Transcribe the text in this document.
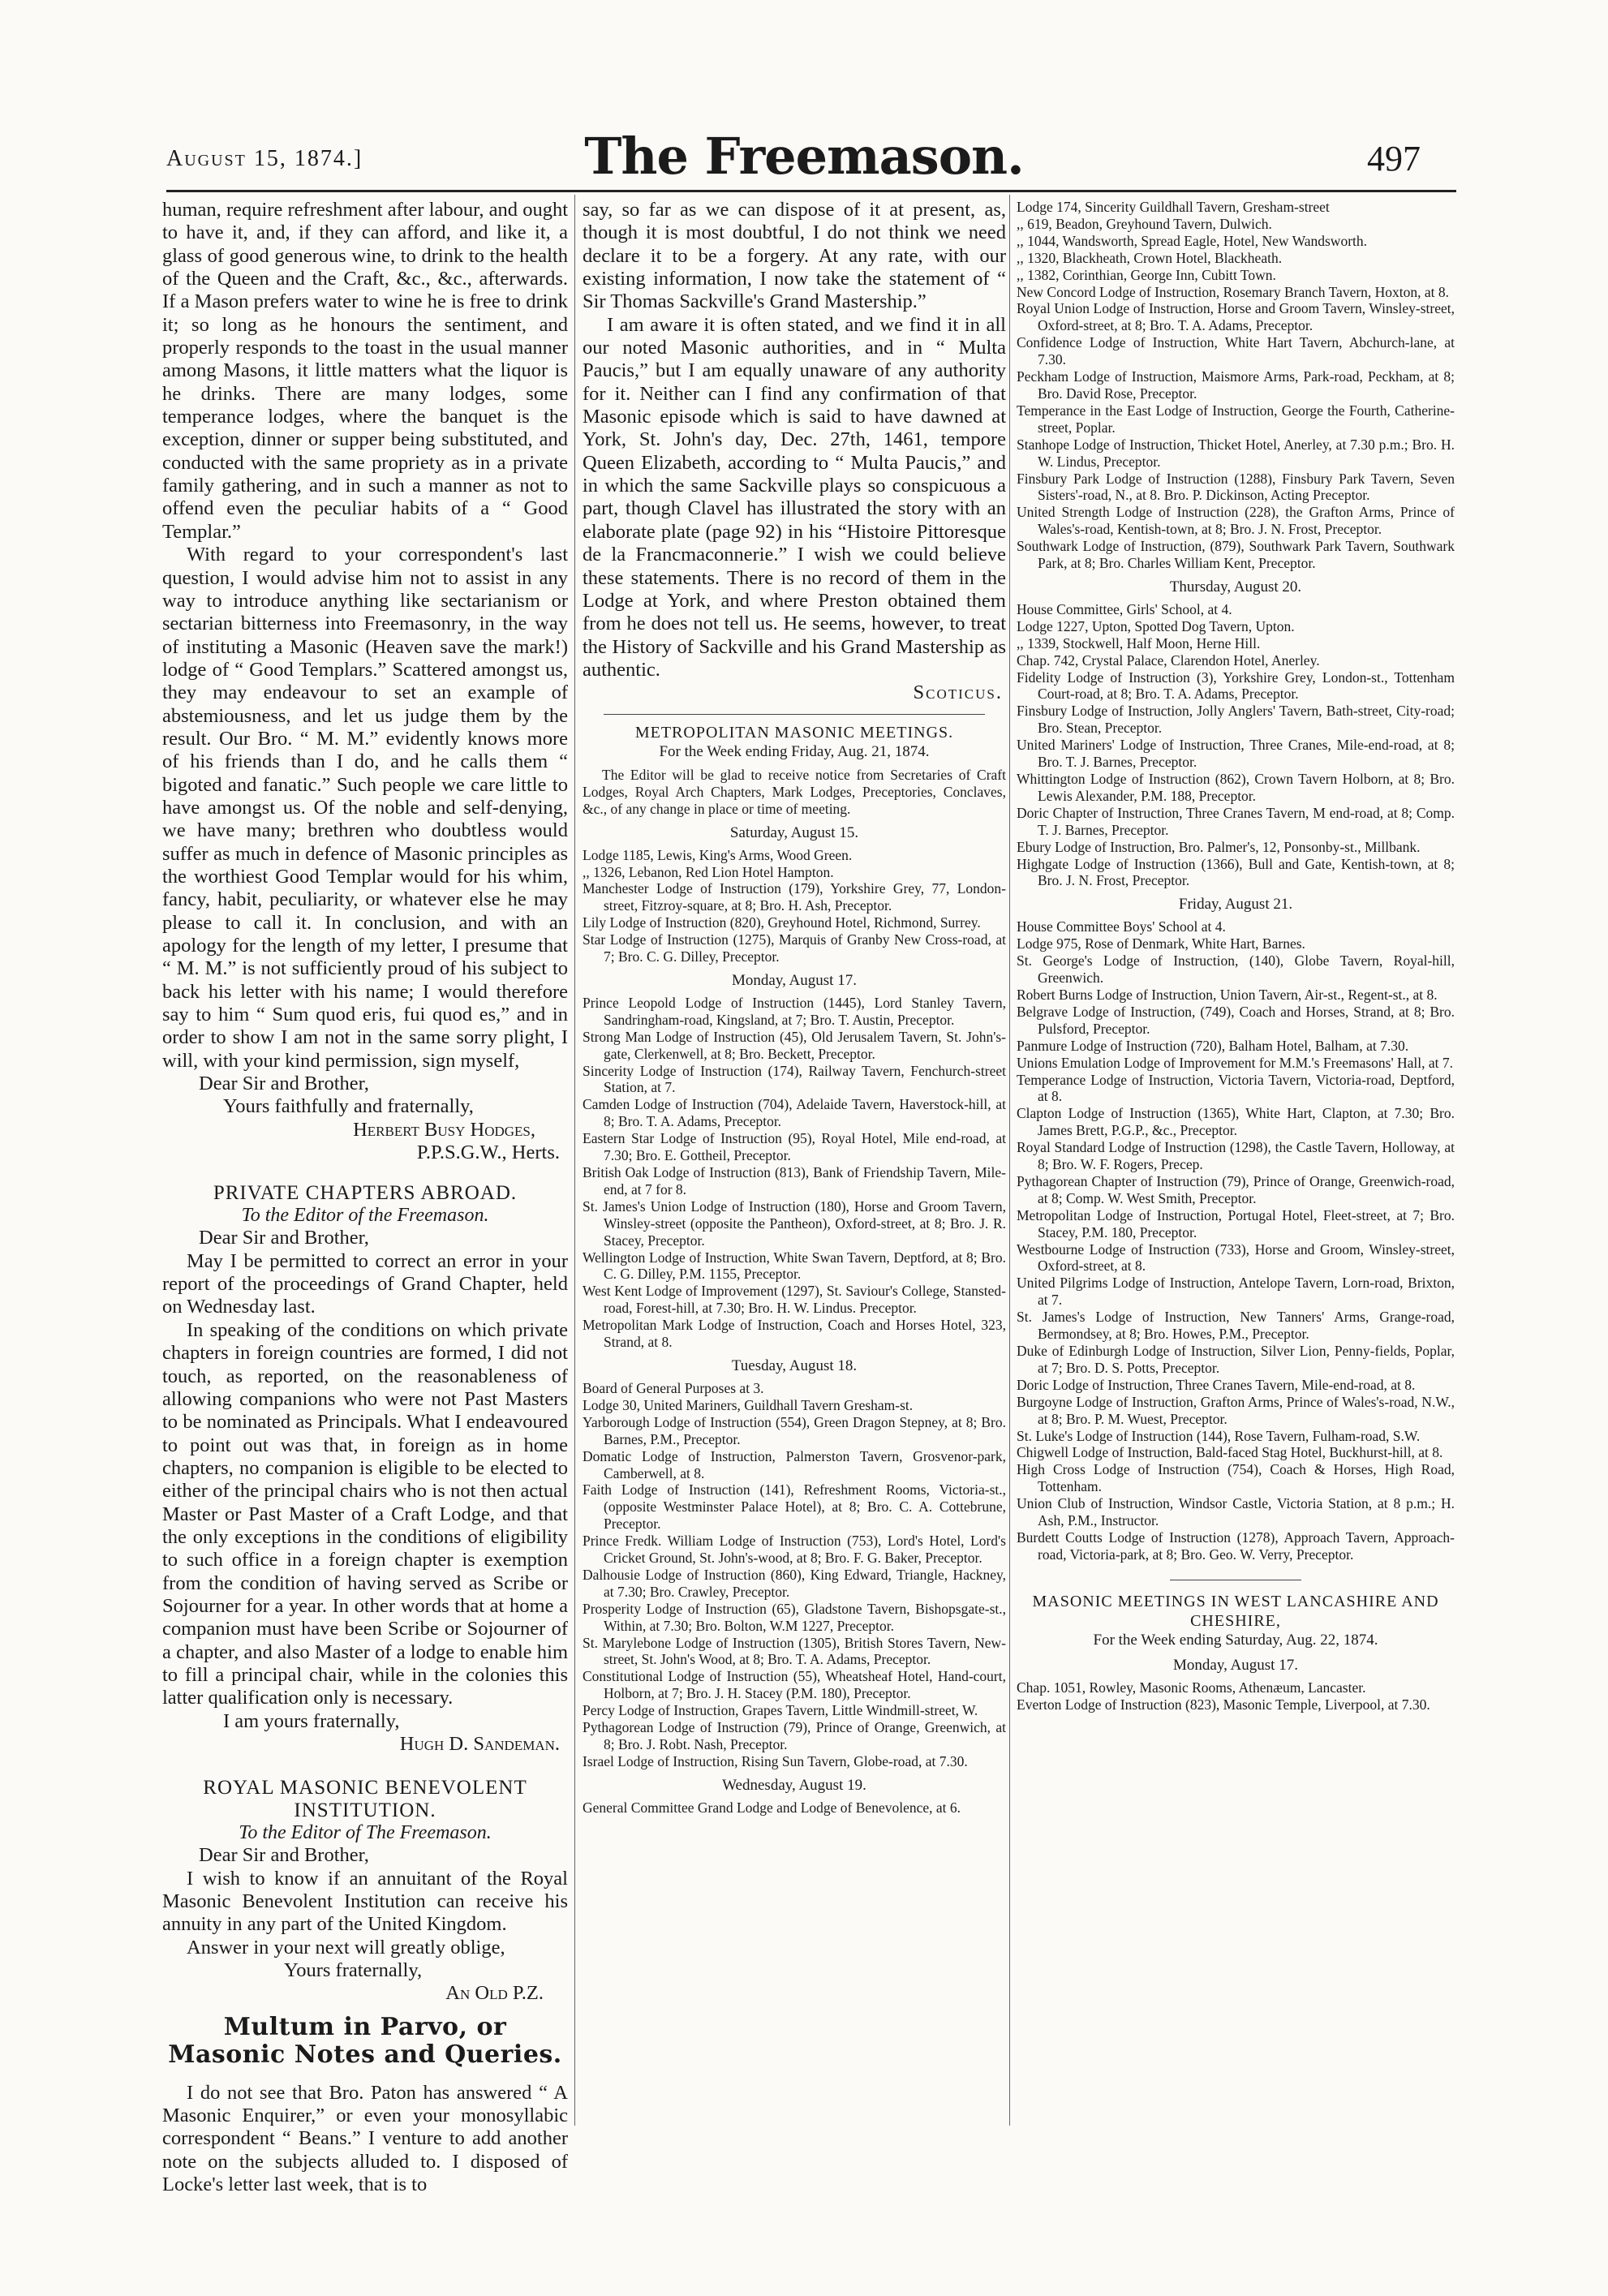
August 15, 1874.]	The Freemason.	497

human, require refreshment after labour, and ought to have it, and, if they can afford, and like it, a glass of good generous wine, to drink to the health of the Queen and the Craft, &c., &c., afterwards. If a Mason prefers water to wine he is free to drink it; so long as he honours the sentiment, and properly responds to the toast in the usual manner among Masons, it little matters what the liquor is he drinks. There are many lodges, some temperance lodges, where the banquet is the exception, dinner or supper being substituted, and conducted with the same propriety as in a private family gathering, and in such a manner as not to offend even the peculiar habits of a “ Good Templar.”

With regard to your correspondent's last question, I would advise him not to assist in any way to introduce anything like sectarianism or sectarian bitterness into Freemasonry, in the way of instituting a Masonic (Heaven save the mark!) lodge of “ Good Templars.” Scattered amongst us, they may endeavour to set an example of abstemiousness, and let us judge them by the result. Our Bro. “ M. M.” evidently knows more of his friends than I do, and he calls them “ bigoted and fanatic.” Such people we care little to have amongst us. Of the noble and self-denying, we have many; brethren who doubtless would suffer as much in defence of Masonic principles as the worthiest Good Templar would for his whim, fancy, habit, peculiarity, or whatever else he may please to call it. In conclusion, and with an apology for the length of my letter, I presume that “ M. M.” is not sufficiently proud of his subject to back his letter with his name; I would therefore say to him “ Sum quod eris, fui quod es,” and in order to show I am not in the same sorry plight, I will, with your kind permission, sign myself,

Dear Sir and Brother,
Yours faithfully and fraternally,
Herbert Busy Hodges,
P.P.S.G.W., Herts.
PRIVATE CHAPTERS ABROAD.
To the Editor of the Freemason.
Dear Sir and Brother,

May I be permitted to correct an error in your report of the proceedings of Grand Chapter, held on Wednesday last.

In speaking of the conditions on which private chapters in foreign countries are formed, I did not touch, as reported, on the reasonableness of allowing companions who were not Past Masters to be nominated as Principals. What I endeavoured to point out was that, in foreign as in home chapters, no companion is eligible to be elected to either of the principal chairs who is not then actual Master or Past Master of a Craft Lodge, and that the only exceptions in the conditions of eligibility to such office in a foreign chapter is exemption from the condition of having served as Scribe or Sojourner for a year. In other words that at home a companion must have been Scribe or Sojourner of a chapter, and also Master of a lodge to enable him to fill a principal chair, while in the colonies this latter qualification only is necessary.

I am yours fraternally,
Hugh D. Sandeman.
ROYAL MASONIC BENEVOLENT INSTITUTION.
To the Editor of The Freemason.
Dear Sir and Brother,

I wish to know if an annuitant of the Royal Masonic Benevolent Institution can receive his annuity in any part of the United Kingdom.

Answer in your next will greatly oblige,

Yours fraternally,
An Old P.Z.
Multum in Parvo, or Masonic Notes and Queries.

I do not see that Bro. Paton has answered “ A Masonic Enquirer,” or even your monosyllabic correspondent “ Beans.” I venture to add another note on the subjects alluded to. I disposed of Locke's letter last week, that is to

say, so far as we can dispose of it at present, as, though it is most doubtful, I do not think we need declare it to be a forgery. At any rate, with our existing information, I now take the statement of “ Sir Thomas Sackville's Grand Mastership.”

I am aware it is often stated, and we find it in all our noted Masonic authorities, and in “ Multa Paucis,” but I am equally unaware of any authority for it. Neither can I find any confirmation of that Masonic episode which is said to have dawned at York, St. John's day, Dec. 27th, 1461, tempore Queen Elizabeth, according to “ Multa Paucis,” and in which the same Sackville plays so conspicuous a part, though Clavel has illustrated the story with an elaborate plate (page 92) in his “Histoire Pittoresque de la Francmaconnerie.” I wish we could believe these statements. There is no record of them in the Lodge at York, and where Preston obtained them from he does not tell us. He seems, however, to treat the History of Sackville and his Grand Mastership as authentic.

Scoticus.
METROPOLITAN MASONIC MEETINGS.
For the Week ending Friday, Aug. 21, 1874.
The Editor will be glad to receive notice from Secretaries of Craft Lodges, Royal Arch Chapters, Mark Lodges, Preceptories, Conclaves, &c., of any change in place or time of meeting.
Saturday, August 15.
Lodge 1185, Lewis, King's Arms, Wood Green.
,, 1326, Lebanon, Red Lion Hotel Hampton.
Manchester Lodge of Instruction (179), Yorkshire Grey, 77, London-street, Fitzroy-square, at 8; Bro. H. Ash, Preceptor.
Lily Lodge of Instruction (820), Greyhound Hotel, Richmond, Surrey.
Star Lodge of Instruction (1275), Marquis of Granby New Cross-road, at 7; Bro. C. G. Dilley, Preceptor.
Monday, August 17.
Prince Leopold Lodge of Instruction (1445), Lord Stanley Tavern, Sandringham-road, Kingsland, at 7; Bro. T. Austin, Preceptor.
Strong Man Lodge of Instruction (45), Old Jerusalem Tavern, St. John's-gate, Clerkenwell, at 8; Bro. Beckett, Preceptor.
Sincerity Lodge of Instruction (174), Railway Tavern, Fenchurch-street Station, at 7.
Camden Lodge of Instruction (704), Adelaide Tavern, Haverstock-hill, at 8; Bro. T. A. Adams, Preceptor.
Eastern Star Lodge of Instruction (95), Royal Hotel, Mile end-road, at 7.30; Bro. E. Gottheil, Preceptor.
British Oak Lodge of Instruction (813), Bank of Friendship Tavern, Mile-end, at 7 for 8.
St. James's Union Lodge of Instruction (180), Horse and Groom Tavern, Winsley-street (opposite the Pantheon), Oxford-street, at 8; Bro. J. R. Stacey, Preceptor.
Wellington Lodge of Instruction, White Swan Tavern, Deptford, at 8; Bro. C. G. Dilley, P.M. 1155, Preceptor.
West Kent Lodge of Improvement (1297), St. Saviour's College, Stansted-road, Forest-hill, at 7.30; Bro. H. W. Lindus. Preceptor.
Metropolitan Mark Lodge of Instruction, Coach and Horses Hotel, 323, Strand, at 8.
Tuesday, August 18.
Board of General Purposes at 3.
Lodge 30, United Mariners, Guildhall Tavern Gresham-st.
Yarborough Lodge of Instruction (554), Green Dragon Stepney, at 8; Bro. Barnes, P.M., Preceptor.
Domatic Lodge of Instruction, Palmerston Tavern, Grosvenor-park, Camberwell, at 8.
Faith Lodge of Instruction (141), Refreshment Rooms, Victoria-st., (opposite Westminster Palace Hotel), at 8; Bro. C. A. Cottebrune, Preceptor.
Prince Fredk. William Lodge of Instruction (753), Lord's Hotel, Lord's Cricket Ground, St. John's-wood, at 8; Bro. F. G. Baker, Preceptor.
Dalhousie Lodge of Instruction (860), King Edward, Triangle, Hackney, at 7.30; Bro. Crawley, Preceptor.
Prosperity Lodge of Instruction (65), Gladstone Tavern, Bishopsgate-st., Within, at 7.30; Bro. Bolton, W.M 1227, Preceptor.
St. Marylebone Lodge of Instruction (1305), British Stores Tavern, New-street, St. John's Wood, at 8; Bro. T. A. Adams, Preceptor.
Constitutional Lodge of Instruction (55), Wheatsheaf Hotel, Hand-court, Holborn, at 7; Bro. J. H. Stacey (P.M. 180), Preceptor.
Percy Lodge of Instruction, Grapes Tavern, Little Windmill-street, W.
Pythagorean Lodge of Instruction (79), Prince of Orange, Greenwich, at 8; Bro. J. Robt. Nash, Preceptor.
Israel Lodge of Instruction, Rising Sun Tavern, Globe-road, at 7.30.
Wednesday, August 19.
General Committee Grand Lodge and Lodge of Benevolence, at 6.
Lodge 174, Sincerity Guildhall Tavern, Gresham-street
,, 619, Beadon, Greyhound Tavern, Dulwich.
,, 1044, Wandsworth, Spread Eagle, Hotel, New Wandsworth.
,, 1320, Blackheath, Crown Hotel, Blackheath.
,, 1382, Corinthian, George Inn, Cubitt Town.
New Concord Lodge of Instruction, Rosemary Branch Tavern, Hoxton, at 8.
Royal Union Lodge of Instruction, Horse and Groom Tavern, Winsley-street, Oxford-street, at 8; Bro. T. A. Adams, Preceptor.
Confidence Lodge of Instruction, White Hart Tavern, Abchurch-lane, at 7.30.
Peckham Lodge of Instruction, Maismore Arms, Park-road, Peckham, at 8; Bro. David Rose, Preceptor.
Temperance in the East Lodge of Instruction, George the Fourth, Catherine-street, Poplar.
Stanhope Lodge of Instruction, Thicket Hotel, Anerley, at 7.30 p.m.; Bro. H. W. Lindus, Preceptor.
Finsbury Park Lodge of Instruction (1288), Finsbury Park Tavern, Seven Sisters'-road, N., at 8. Bro. P. Dickinson, Acting Preceptor.
United Strength Lodge of Instruction (228), the Grafton Arms, Prince of Wales's-road, Kentish-town, at 8; Bro. J. N. Frost, Preceptor.
Southwark Lodge of Instruction, (879), Southwark Park Tavern, Southwark Park, at 8; Bro. Charles William Kent, Preceptor.
Thursday, August 20.
House Committee, Girls' School, at 4.
Lodge 1227, Upton, Spotted Dog Tavern, Upton.
,, 1339, Stockwell, Half Moon, Herne Hill.
Chap. 742, Crystal Palace, Clarendon Hotel, Anerley.
Fidelity Lodge of Instruction (3), Yorkshire Grey, London-st., Tottenham Court-road, at 8; Bro. T. A. Adams, Preceptor.
Finsbury Lodge of Instruction, Jolly Anglers' Tavern, Bath-street, City-road; Bro. Stean, Preceptor.
United Mariners' Lodge of Instruction, Three Cranes, Mile-end-road, at 8; Bro. T. J. Barnes, Preceptor.
Whittington Lodge of Instruction (862), Crown Tavern Holborn, at 8; Bro. Lewis Alexander, P.M. 188, Preceptor.
Doric Chapter of Instruction, Three Cranes Tavern, M end-road, at 8; Comp. T. J. Barnes, Preceptor.
Ebury Lodge of Instruction, Bro. Palmer's, 12, Ponsonby-st., Millbank.
Highgate Lodge of Instruction (1366), Bull and Gate, Kentish-town, at 8; Bro. J. N. Frost, Preceptor.
Friday, August 21.
House Committee Boys' School at 4.
Lodge 975, Rose of Denmark, White Hart, Barnes.
St. George's Lodge of Instruction, (140), Globe Tavern, Royal-hill, Greenwich.
Robert Burns Lodge of Instruction, Union Tavern, Air-st., Regent-st., at 8.
Belgrave Lodge of Instruction, (749), Coach and Horses, Strand, at 8; Bro. Pulsford, Preceptor.
Panmure Lodge of Instruction (720), Balham Hotel, Balham, at 7.30.
Unions Emulation Lodge of Improvement for M.M.'s Freemasons' Hall, at 7.
Temperance Lodge of Instruction, Victoria Tavern, Victoria-road, Deptford, at 8.
Clapton Lodge of Instruction (1365), White Hart, Clapton, at 7.30; Bro. James Brett, P.G.P., &c., Preceptor.
Royal Standard Lodge of Instruction (1298), the Castle Tavern, Holloway, at 8; Bro. W. F. Rogers, Precep.
Pythagorean Chapter of Instruction (79), Prince of Orange, Greenwich-road, at 8; Comp. W. West Smith, Preceptor.
Metropolitan Lodge of Instruction, Portugal Hotel, Fleet-street, at 7; Bro. Stacey, P.M. 180, Preceptor.
Westbourne Lodge of Instruction (733), Horse and Groom, Winsley-street, Oxford-street, at 8.
United Pilgrims Lodge of Instruction, Antelope Tavern, Lorn-road, Brixton, at 7.
St. James's Lodge of Instruction, New Tanners' Arms, Grange-road, Bermondsey, at 8; Bro. Howes, P.M., Preceptor.
Duke of Edinburgh Lodge of Instruction, Silver Lion, Penny-fields, Poplar, at 7; Bro. D. S. Potts, Preceptor.
Doric Lodge of Instruction, Three Cranes Tavern, Mile-end-road, at 8.
Burgoyne Lodge of Instruction, Grafton Arms, Prince of Wales's-road, N.W., at 8; Bro. P. M. Wuest, Preceptor.
St. Luke's Lodge of Instruction (144), Rose Tavern, Fulham-road, S.W.
Chigwell Lodge of Instruction, Bald-faced Stag Hotel, Buckhurst-hill, at 8.
High Cross Lodge of Instruction (754), Coach & Horses, High Road, Tottenham.
Union Club of Instruction, Windsor Castle, Victoria Station, at 8 p.m.; H. Ash, P.M., Instructor.
Burdett Coutts Lodge of Instruction (1278), Approach Tavern, Approach-road, Victoria-park, at 8; Bro. Geo. W. Verry, Preceptor.
MASONIC MEETINGS IN WEST LANCASHIRE AND CHESHIRE,
For the Week ending Saturday, Aug. 22, 1874.
Monday, August 17.
Chap. 1051, Rowley, Masonic Rooms, Athenæum, Lancaster.
Everton Lodge of Instruction (823), Masonic Temple, Liverpool, at 7.30.
